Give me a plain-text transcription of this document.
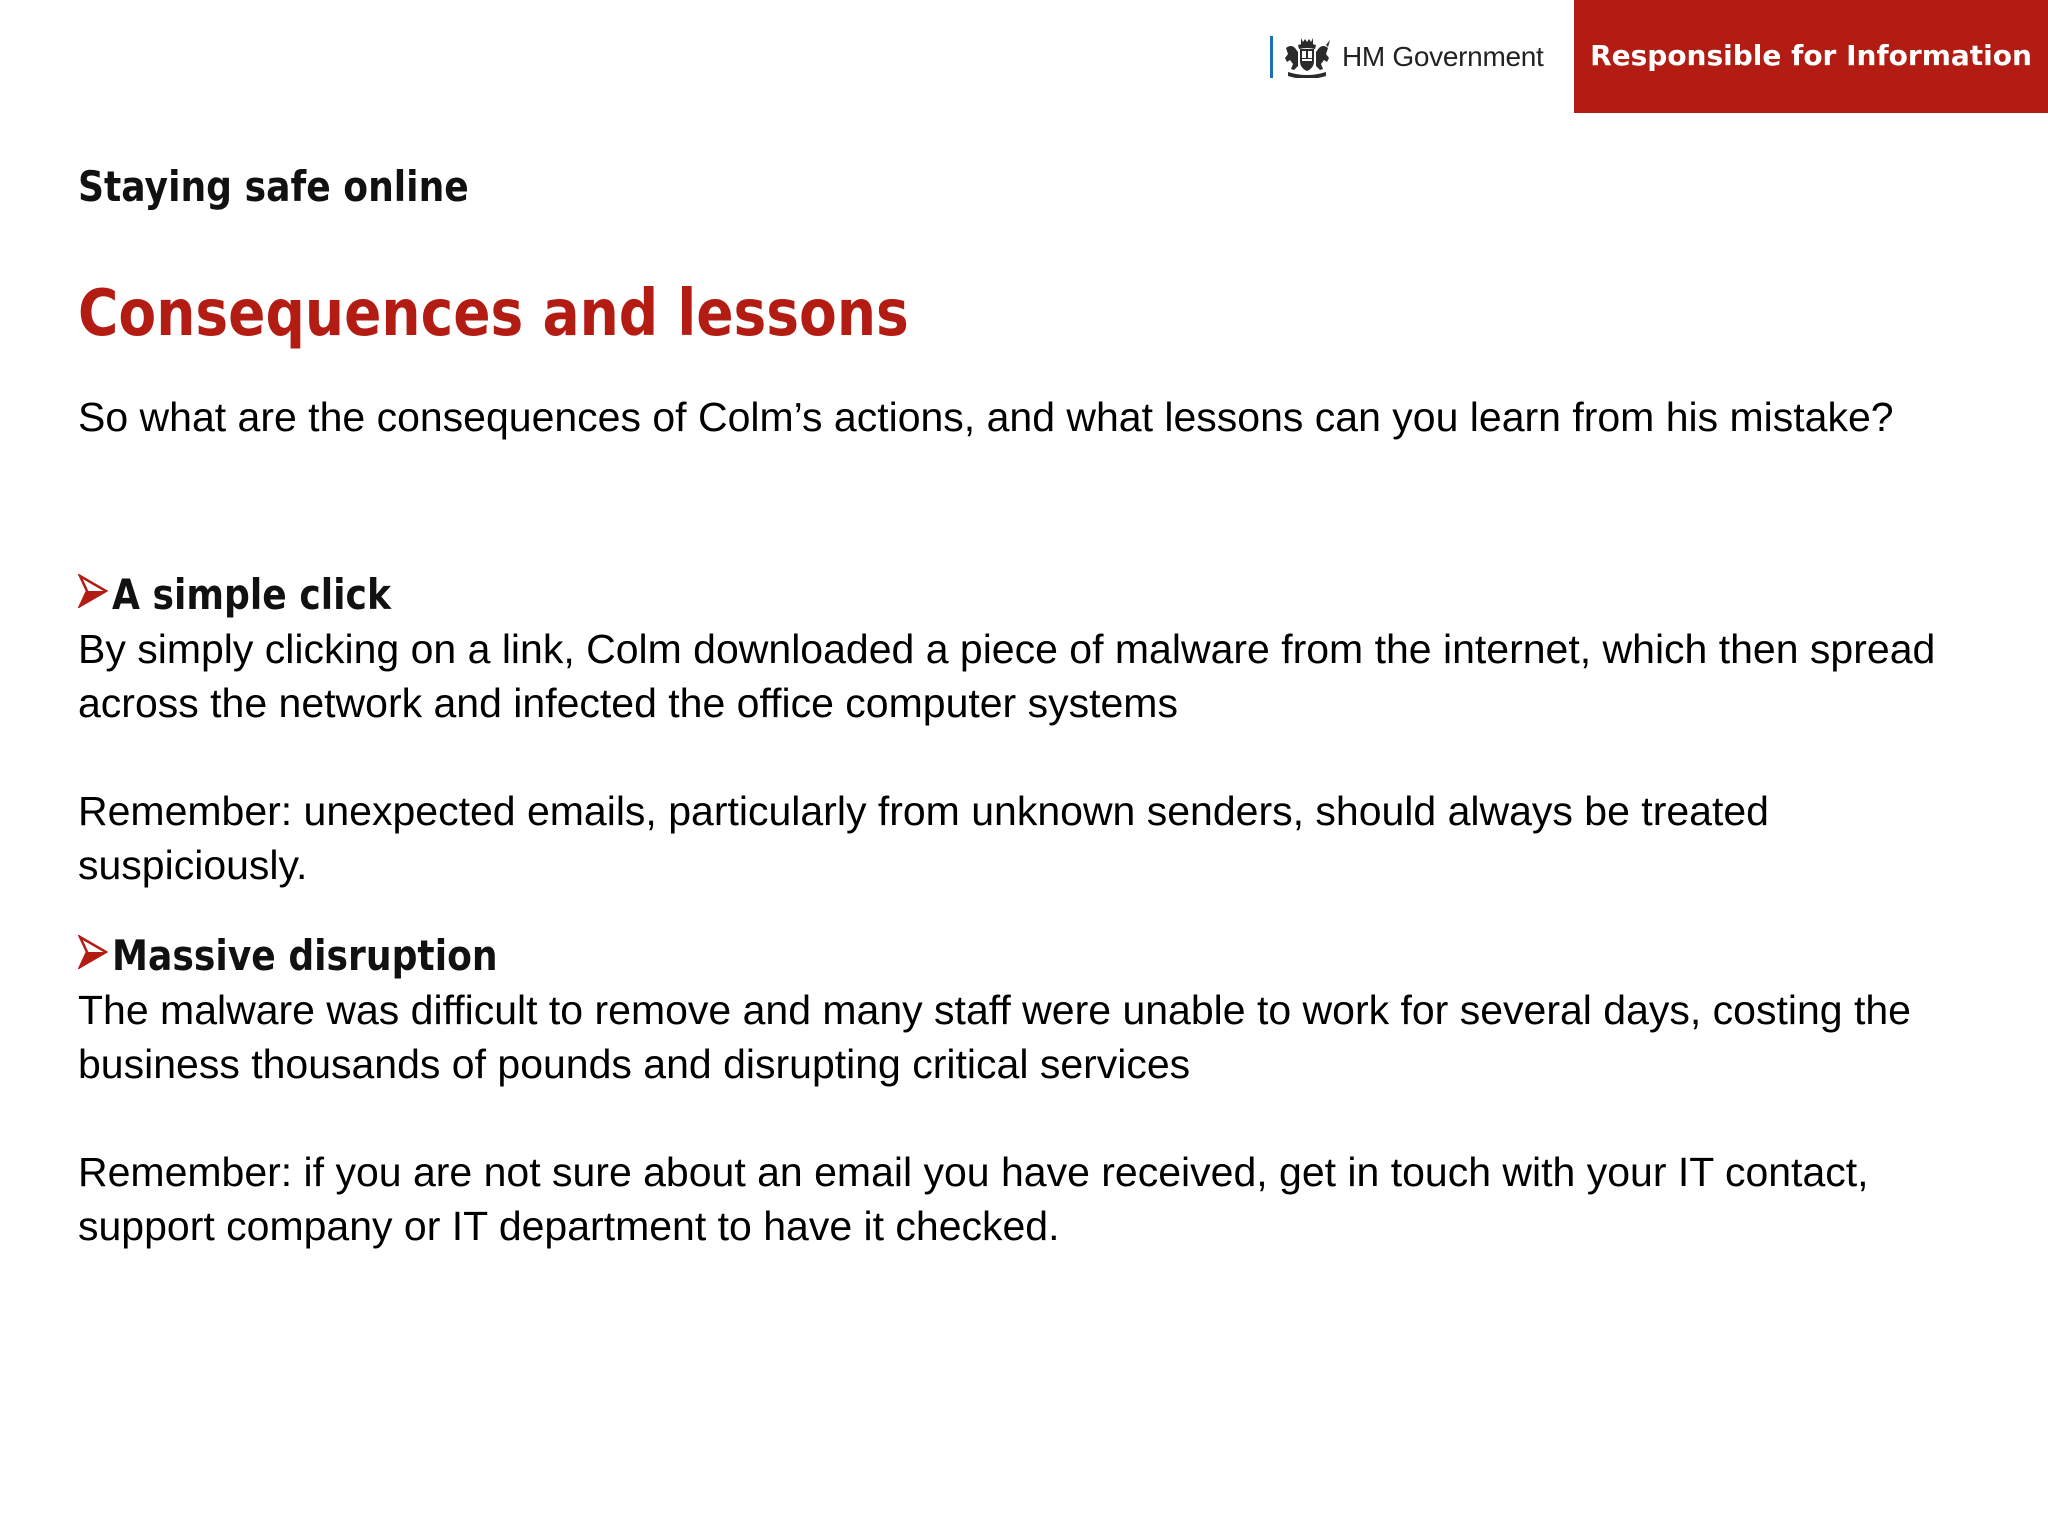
HM Government Responsible for Information
Staying safe online
Consequences and lessons

So what are the consequences of Colm’s actions, and what lessons can you learn from his mistake?

A simple click

By simply clicking on a link, Colm downloaded a piece of malware from the internet, which then spread across the network and infected the office computer systems

Remember: unexpected emails, particularly from unknown senders, should always be treated suspiciously.

Massive disruption

The malware was difficult to remove and many staff were unable to work for several days, costing the business thousands of pounds and disrupting critical services

Remember: if you are not sure about an email you have received, get in touch with your IT contact, support company or IT department to have it checked.
